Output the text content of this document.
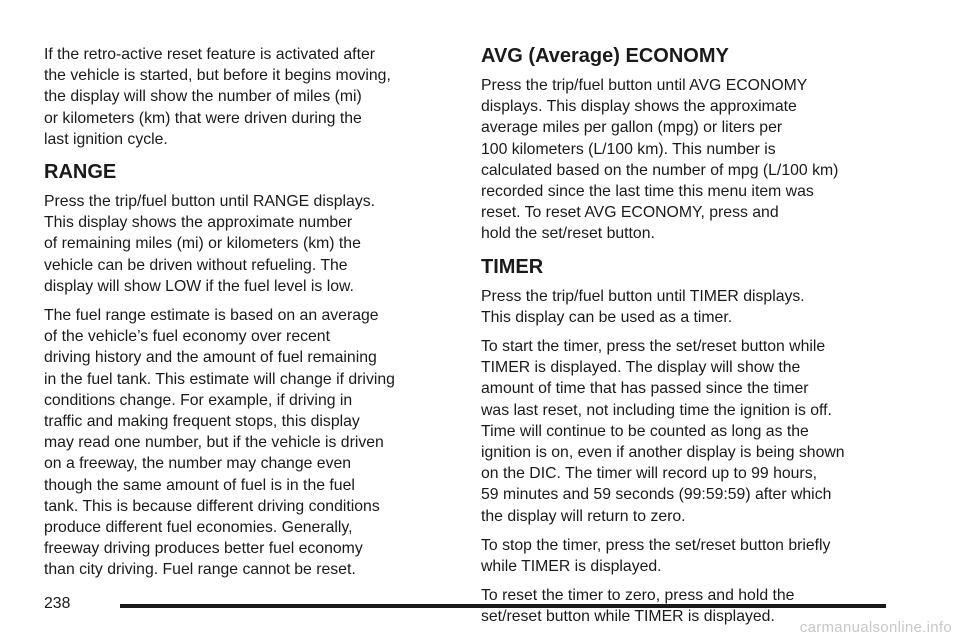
If the retro-active reset feature is activated after
the vehicle is started, but before it begins moving,
the display will show the number of miles (mi)
or kilometers (km) that were driven during the
last ignition cycle.

RANGE

Press the trip/fuel button until RANGE displays.
This display shows the approximate number
of remaining miles (mi) or kilometers (km) the
vehicle can be driven without refueling. The
display will show LOW if the fuel level is low.

The fuel range estimate is based on an average
of the vehicle’s fuel economy over recent
driving history and the amount of fuel remaining
in the fuel tank. This estimate will change if driving
conditions change. For example, if driving in
traffic and making frequent stops, this display
may read one number, but if the vehicle is driven
on a freeway, the number may change even
though the same amount of fuel is in the fuel
tank. This is because different driving conditions
produce different fuel economies. Generally,
freeway driving produces better fuel economy
than city driving. Fuel range cannot be reset.

AVG (Average) ECONOMY

Press the trip/fuel button until AVG ECONOMY
displays. This display shows the approximate
average miles per gallon (mpg) or liters per
100 kilometers (L/100 km). This number is
calculated based on the number of mpg (L/100 km)
recorded since the last time this menu item was
reset. To reset AVG ECONOMY, press and
hold the set/reset button.

TIMER

Press the trip/fuel button until TIMER displays.
This display can be used as a timer.

To start the timer, press the set/reset button while
TIMER is displayed. The display will show the
amount of time that has passed since the timer
was last reset, not including time the ignition is off.
Time will continue to be counted as long as the
ignition is on, even if another display is being shown
on the DIC. The timer will record up to 99 hours,
59 minutes and 59 seconds (99:59:59) after which
the display will return to zero.

To stop the timer, press the set/reset button briefly
while TIMER is displayed.

To reset the timer to zero, press and hold the
set/reset button while TIMER is displayed.

238
carmanualsonline.info
